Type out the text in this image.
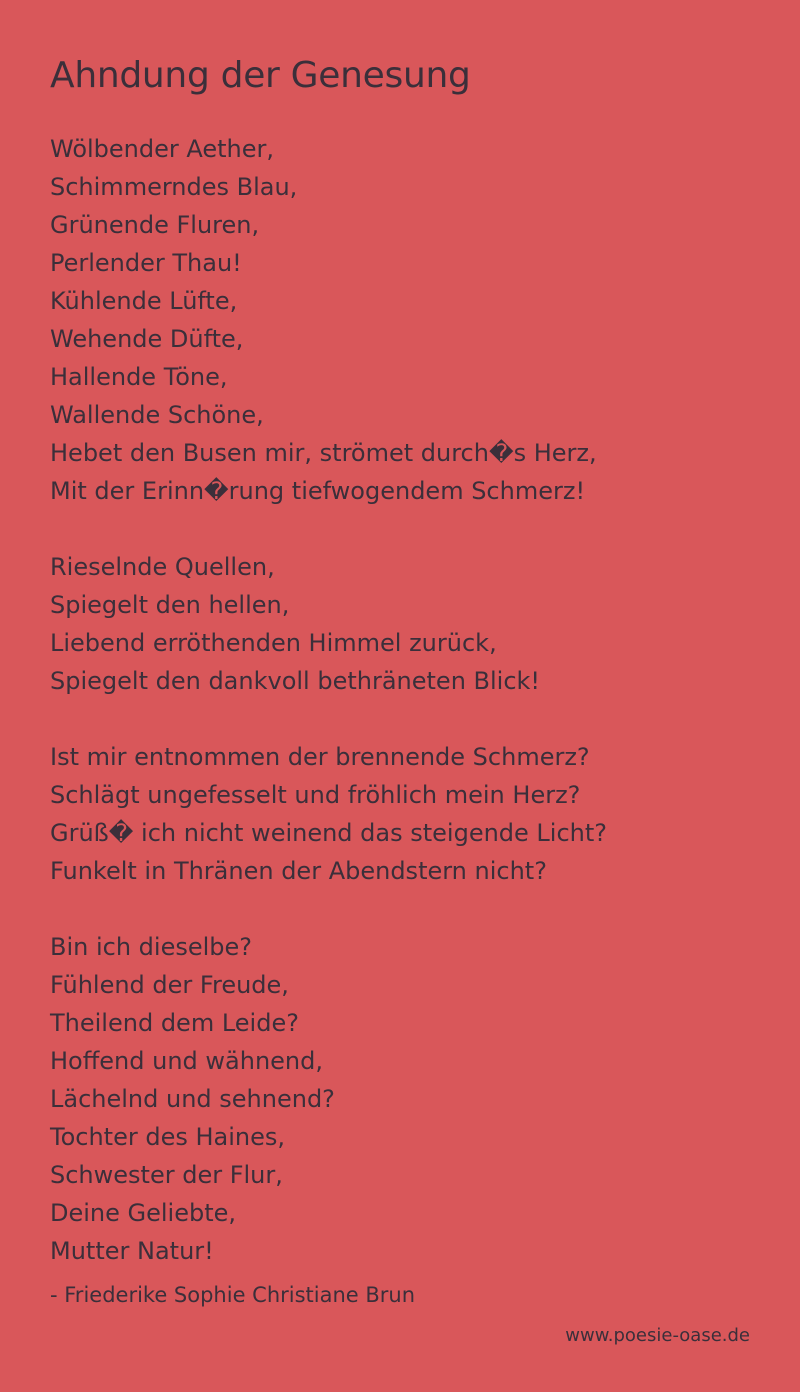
Ahndung der Genesung
Wölbender Aether,
Schimmerndes Blau,
Grünende Fluren,
Perlender Thau!
Kühlende Lüfte,
Wehende Düfte,
Hallende Töne,
Wallende Schöne,
Hebet den Busen mir, strömet durch�s Herz,
Mit der Erinn�rung tiefwogendem Schmerz!
Rieselnde Quellen,
Spiegelt den hellen,
Liebend erröthenden Himmel zurück,
Spiegelt den dankvoll bethräneten Blick!
Ist mir entnommen der brennende Schmerz?
Schlägt ungefesselt und fröhlich mein Herz?
Grüß� ich nicht weinend das steigende Licht?
Funkelt in Thränen der Abendstern nicht?
Bin ich dieselbe?
Fühlend der Freude,
Theilend dem Leide?
Hoffend und wähnend,
Lächelnd und sehnend?
Tochter des Haines,
Schwester der Flur,
Deine Geliebte,
Mutter Natur!
- Friederike Sophie Christiane Brun
www.poesie-oase.de
